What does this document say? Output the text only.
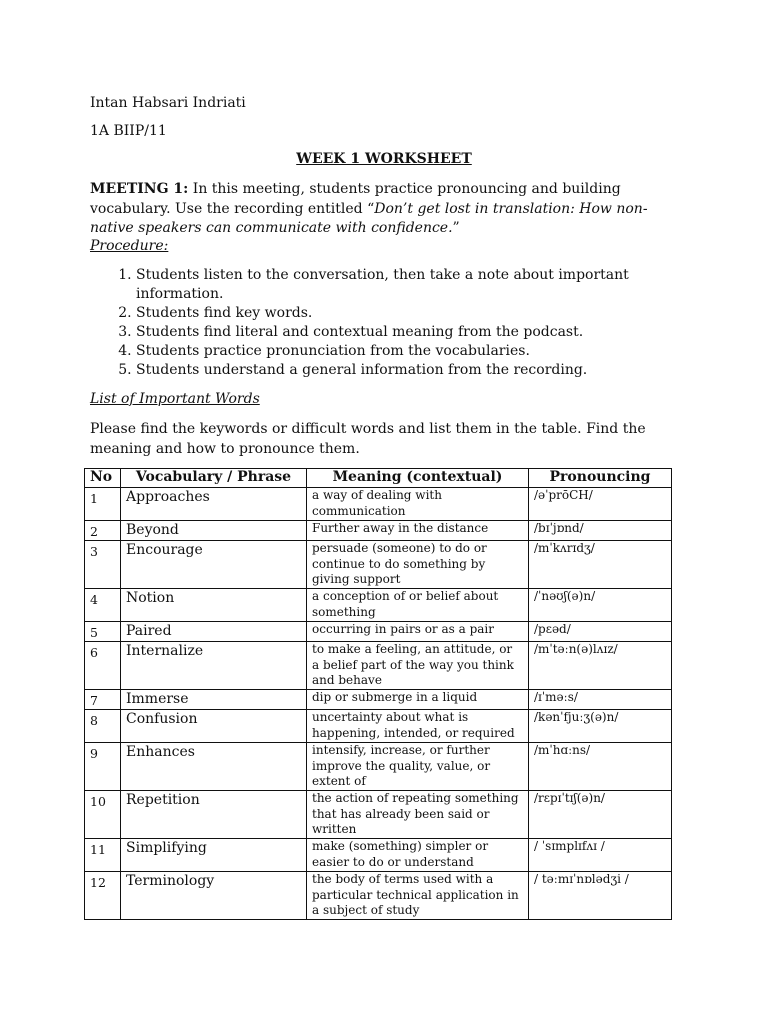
Intan Habsari Indriati
1A BIIP/11
WEEK 1 WORKSHEET
MEETING 1: In this meeting, students practice pronouncing and building vocabulary. Use the recording entitled “Don’t get lost in translation: How non-native speakers can communicate with confidence.”
Procedure:
1. Students listen to the conversation, then take a note about important information.
2. Students find key words.
3. Students find literal and contextual meaning from the podcast.
4. Students practice pronunciation from the vocabularies.
5. Students understand a general information from the recording.
List of Important Words
Please find the keywords or difficult words and list them in the table. Find the meaning and how to pronounce them.
No	Vocabulary / Phrase	Meaning (contextual)	Pronouncing
1	Approaches	a way of dealing with communication	/əˈprōCH/
2	Beyond	Further away in the distance	/bɪˈjɒnd/
3	Encourage	persuade (someone) to do or continue to do something by giving support	/mˈkʌrɪdʒ/
4	Notion	a conception of or belief about something	/ˈnəʊʃ(ə)n/
5	Paired	occurring in pairs or as a pair	/pɛəd/
6	Internalize	to make a feeling, an attitude, or a belief part of the way you think and behave	/mˈtəːn(ə)lʌɪz/
7	Immerse	dip or submerge in a liquid	/ɪˈməːs/
8	Confusion	uncertainty about what is happening, intended, or required	/kənˈfjuːʒ(ə)n/
9	Enhances	intensify, increase, or further improve the quality, value, or extent of	/mˈhɑːns/
10	Repetition	the action of repeating something that has already been said or written	/rɛpɪˈtɪʃ(ə)n/
11	Simplifying	make (something) simpler or easier to do or understand	/ ˈsɪmplɪfʌɪ /
12	Terminology	the body of terms used with a particular technical application in a subject of study	/ təːmɪˈnɒlədʒi /
